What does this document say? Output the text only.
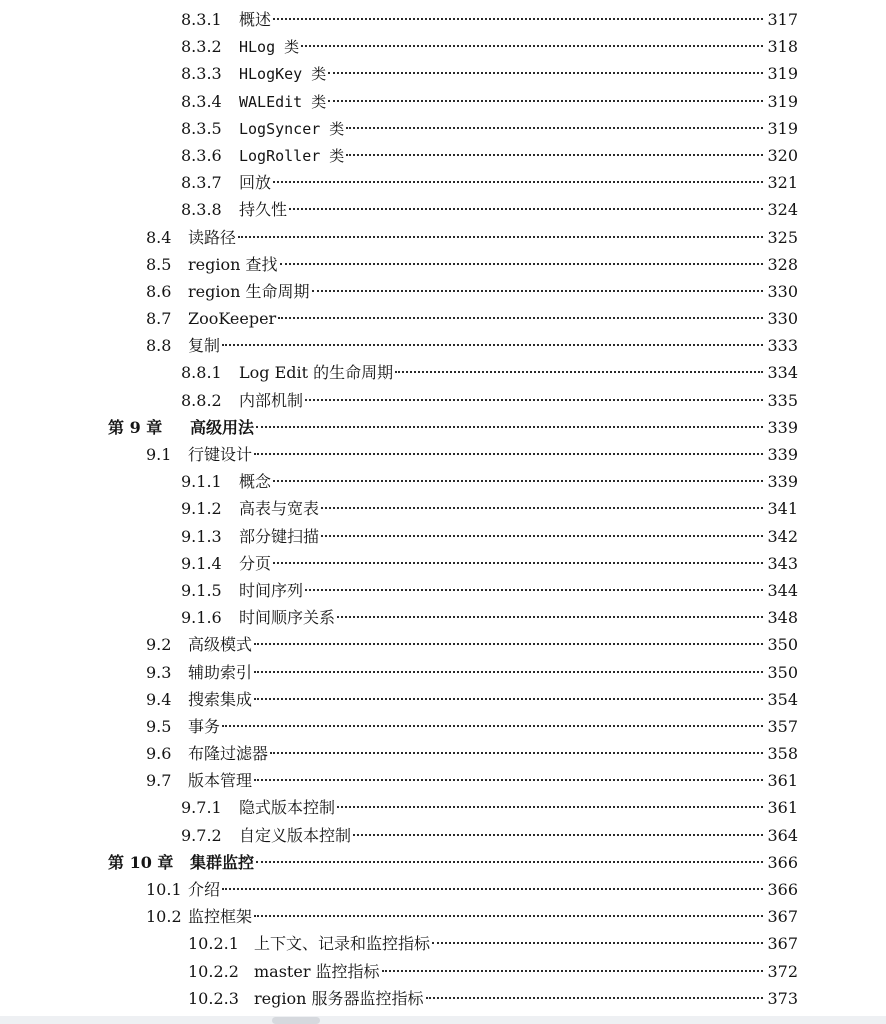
8.3.1	概述	317
8.3.2	HLog 类	318
8.3.3	HLogKey 类	319
8.3.4	WALEdit 类	319
8.3.5	LogSyncer 类	319
8.3.6	LogRoller 类	320
8.3.7	回放	321
8.3.8	持久性	324
8.4	读路径	325
8.5	region 查找	328
8.6	region 生命周期	330
8.7	ZooKeeper	330
8.8	复制	333
8.8.1	Log Edit 的生命周期	334
8.8.2	内部机制	335
第 9 章	高级用法	339
9.1	行键设计	339
9.1.1	概念	339
9.1.2	高表与宽表	341
9.1.3	部分键扫描	342
9.1.4	分页	343
9.1.5	时间序列	344
9.1.6	时间顺序关系	348
9.2	高级模式	350
9.3	辅助索引	350
9.4	搜索集成	354
9.5	事务	357
9.6	布隆过滤器	358
9.7	版本管理	361
9.7.1	隐式版本控制	361
9.7.2	自定义版本控制	364
第 10 章	集群监控	366
10.1 介绍	366
10.2 监控框架	367
10.2.1 上下文、记录和监控指标	367
10.2.2 master 监控指标	372
10.2.3 region 服务器监控指标	373
